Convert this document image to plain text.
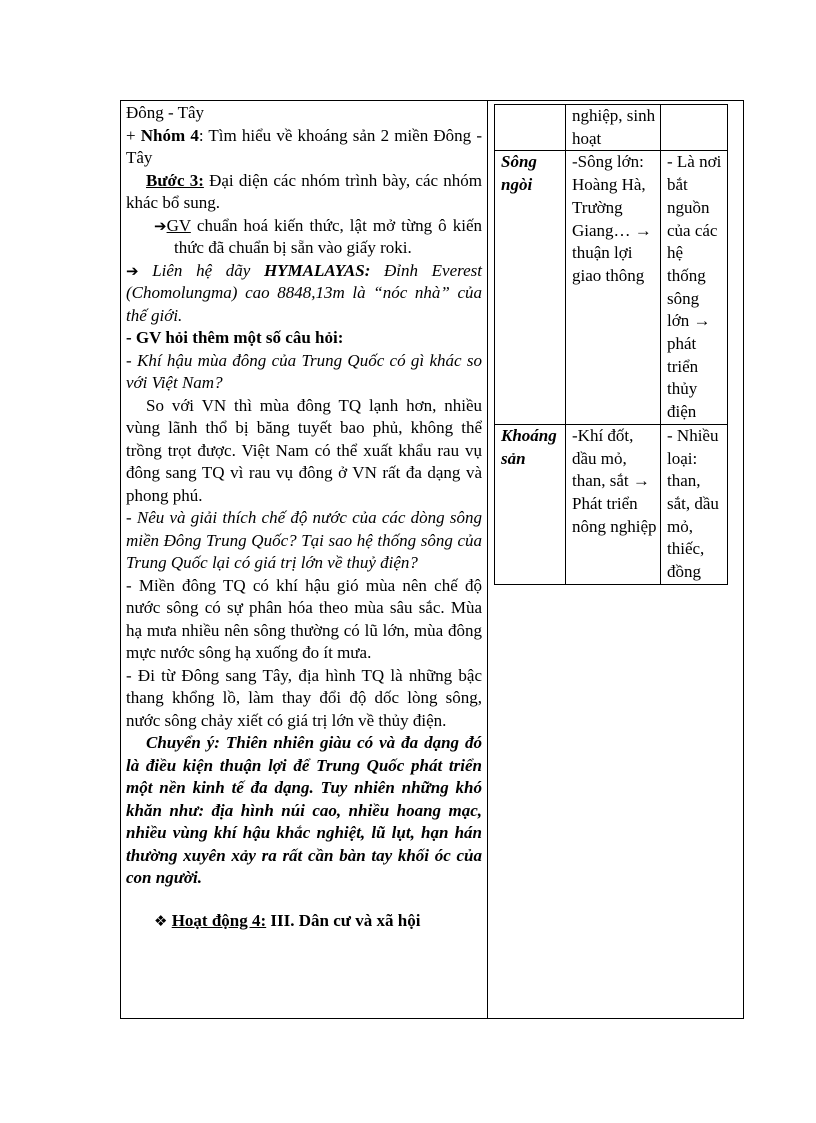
Đông - Tây

+ Nhóm 4: Tìm hiểu về khoáng sản 2 miền Đông - Tây

Bước 3: Đại diện các nhóm trình bày, các nhóm khác bổ sung.

➔GV chuẩn hoá kiến thức, lật mở từng ô kiến thức đã chuẩn bị sẵn vào giấy roki.

➔ Liên hệ dãy HYMALAYAS: Đỉnh Everest (Chomolungma) cao 8848,13m là “nóc nhà” của thế giới.

- GV hỏi thêm một số câu hỏi:

- Khí hậu mùa đông của Trung Quốc có gì khác so với Việt Nam?

So với VN thì mùa đông TQ lạnh hơn, nhiều vùng lãnh thổ bị băng tuyết bao phủ, không thể trồng trọt được. Việt Nam có thể xuất khẩu rau vụ đông sang TQ vì rau vụ đông ở VN rất đa dạng và phong phú.

- Nêu và giải thích chế độ nước của các dòng sông miền Đông Trung Quốc? Tại sao hệ thống sông của Trung Quốc lại có giá trị lớn về thuỷ điện?

- Miền đông TQ có khí hậu gió mùa nên chế độ nước sông có sự phân hóa theo mùa sâu sắc. Mùa hạ mưa nhiều nên sông thường có lũ lớn, mùa đông mực nước sông hạ xuống đo ít mưa.

- Đi từ Đông sang Tây, địa hình TQ là những bậc thang khổng lồ, làm thay đổi độ dốc lòng sông, nước sông chảy xiết có giá trị lớn về thủy điện.

Chuyển ý: Thiên nhiên giàu có và đa dạng đó là điều kiện thuận lợi để Trung Quốc phát triển một nền kinh tế đa dạng. Tuy nhiên những khó khăn như: địa hình núi cao, nhiều hoang mạc, nhiều vùng khí hậu khắc nghiệt, lũ lụt, hạn hán thường xuyên xảy ra rất cần bàn tay khối óc của con người.

❖ Hoạt động 4: III. Dân cư và xã hội

	nghiệp, sinh hoạt	
Sông ngòi	-Sông lớn: Hoàng Hà, Trường Giang… → thuận lợi giao thông	- Là nơi bắt nguồn của các hệ thống sông lớn → phát triển thủy điện
Khoáng sản	-Khí đốt, dầu mỏ, than, sắt → Phát triển nông nghiệp	- Nhiều loại: than, sắt, dầu mỏ, thiếc, đồng
